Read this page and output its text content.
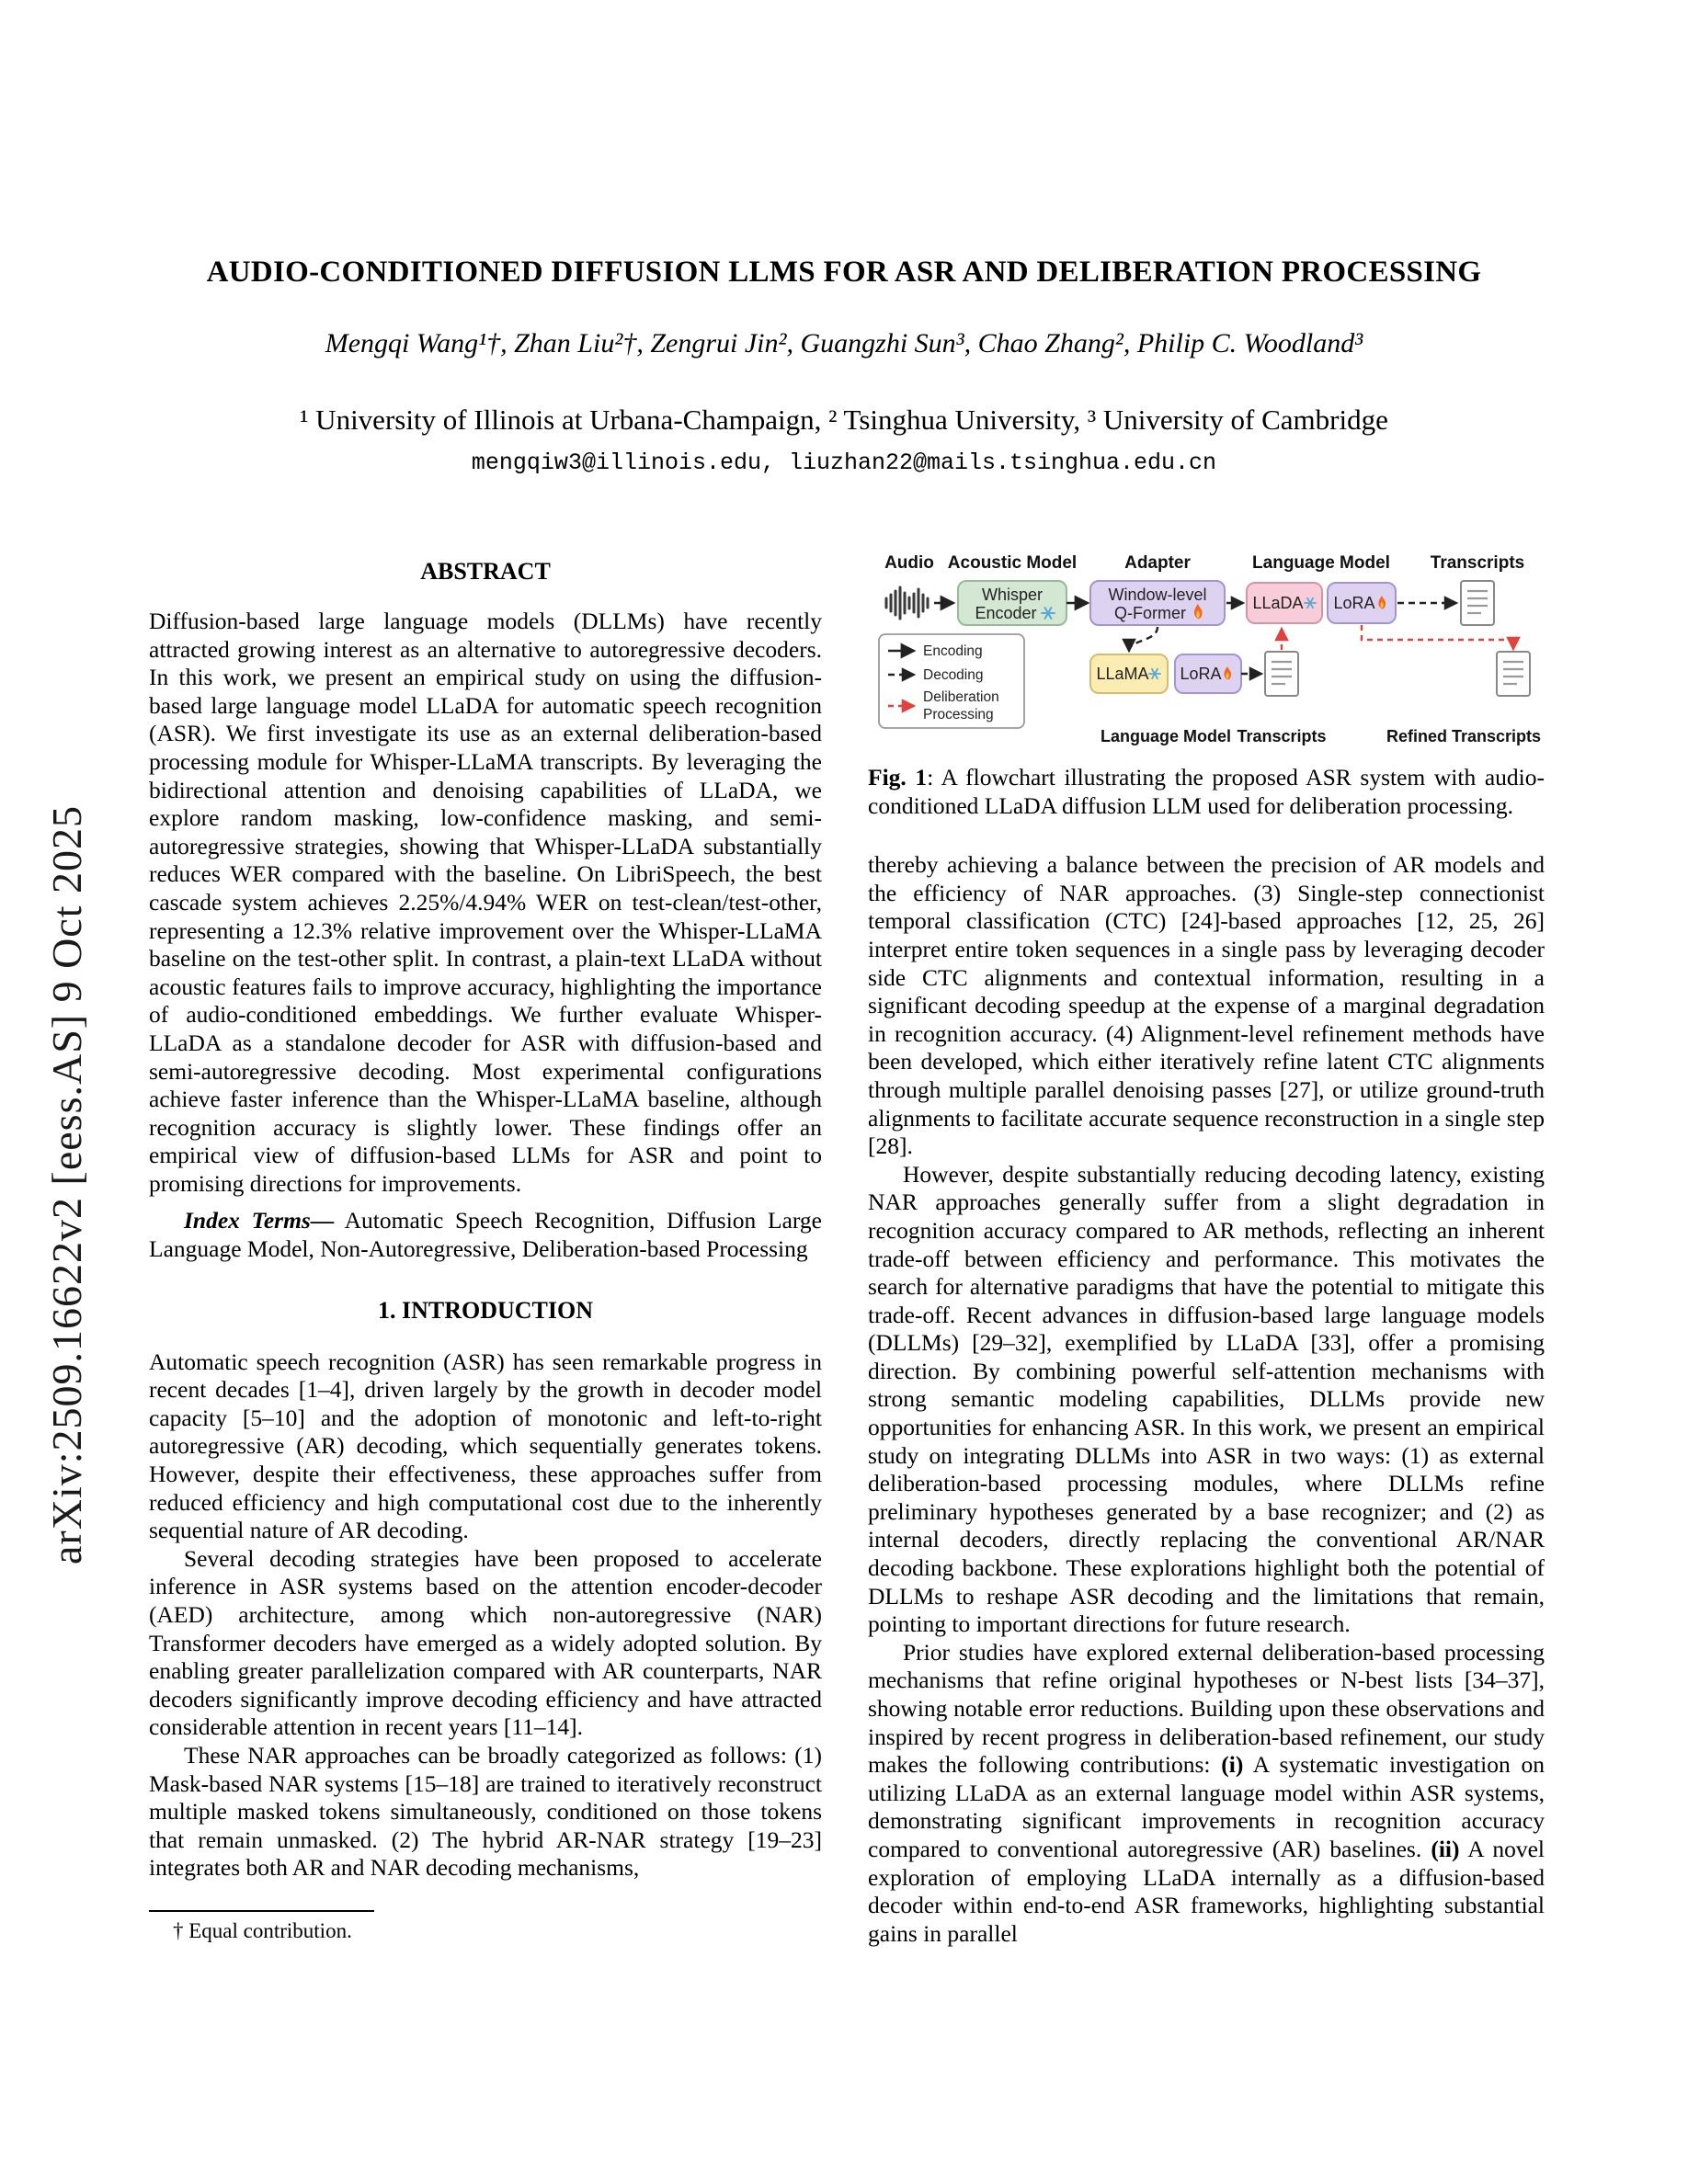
arXiv:2509.16622v2 [eess.AS] 9 Oct 2025
AUDIO-CONDITIONED DIFFUSION LLMS FOR ASR AND DELIBERATION PROCESSING
Mengqi Wang¹†, Zhan Liu²†, Zengrui Jin², Guangzhi Sun³, Chao Zhang², Philip C. Woodland³
¹ University of Illinois at Urbana-Champaign, ² Tsinghua University, ³ University of Cambridge
mengqiw3@illinois.edu, liuzhan22@mails.tsinghua.edu.cn
ABSTRACT

Diffusion-based large language models (DLLMs) have recently attracted growing interest as an alternative to autoregressive decoders. In this work, we present an empirical study on using the diffusion-based large language model LLaDA for automatic speech recognition (ASR). We first investigate its use as an external deliberation-based processing module for Whisper-LLaMA transcripts. By leveraging the bidirectional attention and denoising capabilities of LLaDA, we explore random masking, low-confidence masking, and semi-autoregressive strategies, showing that Whisper-LLaDA substantially reduces WER compared with the baseline. On LibriSpeech, the best cascade system achieves 2.25%/4.94% WER on test-clean/test-other, representing a 12.3% relative improvement over the Whisper-LLaMA baseline on the test-other split. In contrast, a plain-text LLaDA without acoustic features fails to improve accuracy, highlighting the importance of audio-conditioned embeddings. We further evaluate Whisper-LLaDA as a standalone decoder for ASR with diffusion-based and semi-autoregressive decoding. Most experimental configurations achieve faster inference than the Whisper-LLaMA baseline, although recognition accuracy is slightly lower. These findings offer an empirical view of diffusion-based LLMs for ASR and point to promising directions for improvements.

Index Terms— Automatic Speech Recognition, Diffusion Large Language Model, Non-Autoregressive, Deliberation-based Processing

1. INTRODUCTION

Automatic speech recognition (ASR) has seen remarkable progress in recent decades [1–4], driven largely by the growth in decoder model capacity [5–10] and the adoption of monotonic and left-to-right autoregressive (AR) decoding, which sequentially generates tokens. However, despite their effectiveness, these approaches suffer from reduced efficiency and high computational cost due to the inherently sequential nature of AR decoding.

Several decoding strategies have been proposed to accelerate inference in ASR systems based on the attention encoder-decoder (AED) architecture, among which non-autoregressive (NAR) Transformer decoders have emerged as a widely adopted solution. By enabling greater parallelization compared with AR counterparts, NAR decoders significantly improve decoding efficiency and have attracted considerable attention in recent years [11–14].

These NAR approaches can be broadly categorized as follows: (1) Mask-based NAR systems [15–18] are trained to iteratively reconstruct multiple masked tokens simultaneously, conditioned on those tokens that remain unmasked. (2) The hybrid AR-NAR strategy [19–23] integrates both AR and NAR decoding mechanisms,

† Equal contribution.

Audio Acoustic Model	Adapter	Language Model Transcripts
Whisper
Encoder
Window-level
Q-Former
LLaDA LoRA
Encoding
Decoding
Deliberation
Processing
LLaMA LoRA
Language Model Transcripts	Refined Transcripts
Fig. 1: A flowchart illustrating the proposed ASR system with audio-conditioned LLaDA diffusion LLM used for deliberation processing.

thereby achieving a balance between the precision of AR models and the efficiency of NAR approaches. (3) Single-step connectionist temporal classification (CTC) [24]-based approaches [12, 25, 26] interpret entire token sequences in a single pass by leveraging decoder side CTC alignments and contextual information, resulting in a significant decoding speedup at the expense of a marginal degradation in recognition accuracy. (4) Alignment-level refinement methods have been developed, which either iteratively refine latent CTC alignments through multiple parallel denoising passes [27], or utilize ground-truth alignments to facilitate accurate sequence reconstruction in a single step [28].

However, despite substantially reducing decoding latency, existing NAR approaches generally suffer from a slight degradation in recognition accuracy compared to AR methods, reflecting an inherent trade-off between efficiency and performance. This motivates the search for alternative paradigms that have the potential to mitigate this trade-off. Recent advances in diffusion-based large language models (DLLMs) [29–32], exemplified by LLaDA [33], offer a promising direction. By combining powerful self-attention mechanisms with strong semantic modeling capabilities, DLLMs provide new opportunities for enhancing ASR. In this work, we present an empirical study on integrating DLLMs into ASR in two ways: (1) as external deliberation-based processing modules, where DLLMs refine preliminary hypotheses generated by a base recognizer; and (2) as internal decoders, directly replacing the conventional AR/NAR decoding backbone. These explorations highlight both the potential of DLLMs to reshape ASR decoding and the limitations that remain, pointing to important directions for future research.

Prior studies have explored external deliberation-based processing mechanisms that refine original hypotheses or N-best lists [34–37], showing notable error reductions. Building upon these observations and inspired by recent progress in deliberation-based refinement, our study makes the following contributions: (i) A systematic investigation on utilizing LLaDA as an external language model within ASR systems, demonstrating significant improvements in recognition accuracy compared to conventional autoregressive (AR) baselines. (ii) A novel exploration of employing LLaDA internally as a diffusion-based decoder within end-to-end ASR frameworks, highlighting substantial gains in parallel
